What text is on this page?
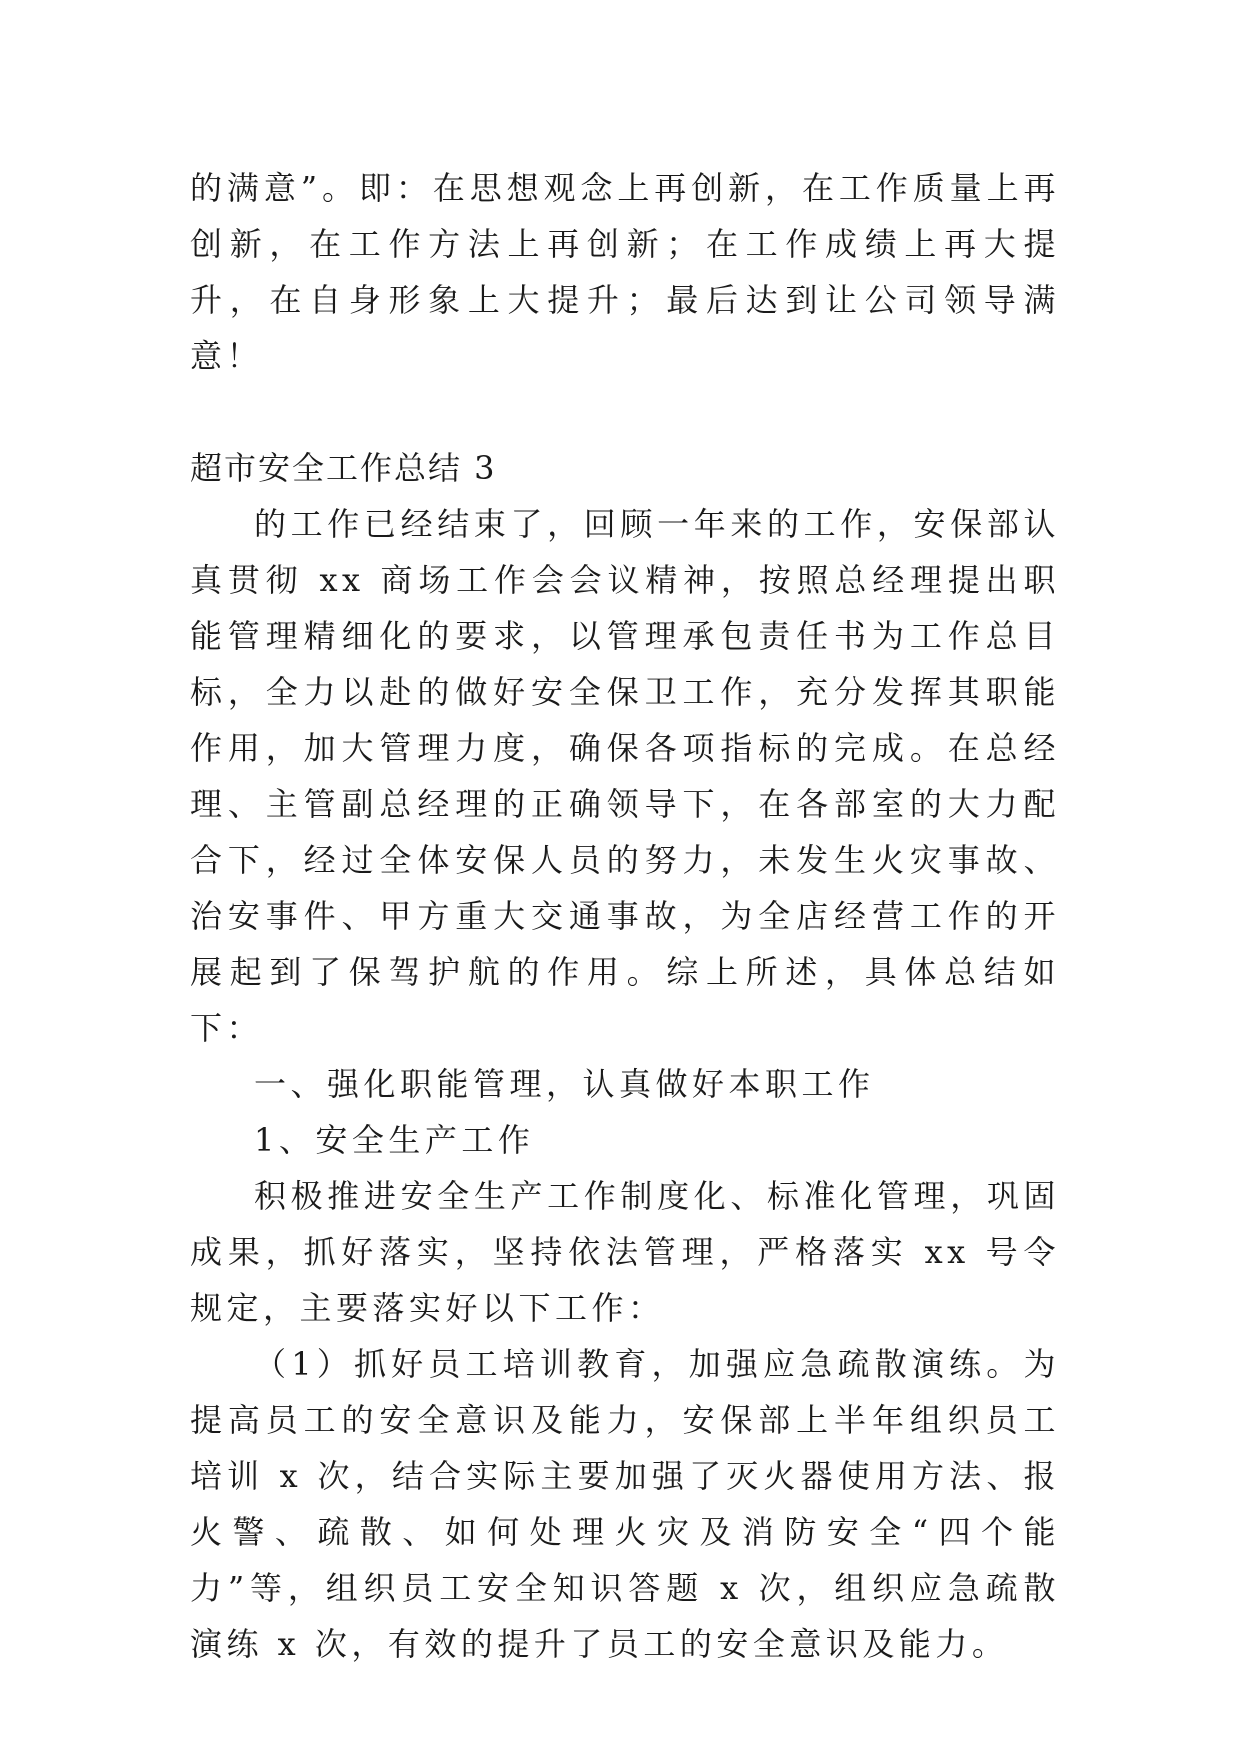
的满意”。即：在思想观念上再创新，在工作质量上再创新，在工作方法上再创新；在工作成绩上再大提升，在自身形象上大提升；最后达到让公司领导满意！

超市安全工作总结 3

的工作已经结束了，回顾一年来的工作，安保部认真贯彻 xx 商场工作会会议精神，按照总经理提出职能管理精细化的要求，以管理承包责任书为工作总目标，全力以赴的做好安全保卫工作，充分发挥其职能作用，加大管理力度，确保各项指标的完成。在总经理、主管副总经理的正确领导下，在各部室的大力配合下，经过全体安保人员的努力，未发生火灾事故、治安事件、甲方重大交通事故，为全店经营工作的开展起到了保驾护航的作用。综上所述，具体总结如下：

一、强化职能管理，认真做好本职工作

1、安全生产工作

积极推进安全生产工作制度化、标准化管理，巩固成果，抓好落实，坚持依法管理，严格落实 xx 号令规定，主要落实好以下工作：

（1）抓好员工培训教育，加强应急疏散演练。为提高员工的安全意识及能力，安保部上半年组织员工培训 x 次，结合实际主要加强了灭火器使用方法、报火警、疏散、如何处理火灾及消防安全“四个能力”等，组织员工安全知识答题 x 次，组织应急疏散演练 x 次，有效的提升了员工的安全意识及能力。
